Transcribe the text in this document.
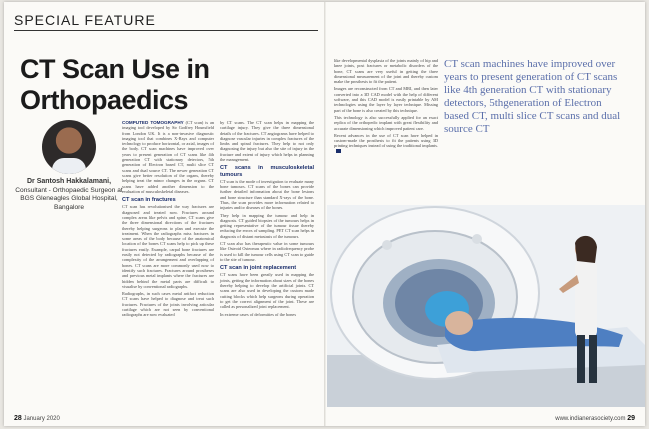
SPECIAL FEATURE
CT Scan Use in Orthopaedics
Dr Santosh Hakkalamani,
Consultant - Orthopaedic Surgeon at BGS Gleneagles Global Hospital, Bangalore

COMPUTED TOMOGRAPHY (CT scan) is an imaging tool developed by Sir Godfrey Hounsfield from London UK. It is a non-invasive diagnostic imaging tool that combines X-Rays and computer technology to produce horizontal, or axial, images of the body. CT scan machines have improved over years to present generation of CT scans like 4th generation CT with stationary detectors, 5th generation of Electron based CT, multi slice CT scans and dual source CT. The newer generation CT scans give better resolution of the organs, thereby helping treat the minor changes in the organs. CT scans have added another dimension to the evaluation of musculoskeletal diseases.

CT scan in fractures

CT scan has revolutionised the way fractures are diagnosed and treated now. Fractures around complex areas like pelvis and spine, CT scans give the three dimensional directions of the fractures thereby helping surgeons to plan and execute the treatment. When the radiographs miss fractures in some areas of the body because of the anatomical location of the bones CT scans help to pick up these fractures easily. Example, carpal bone fractures are easily not detected by radiographs because of the complexity of the arrangement and overlapping of bones. CT scans are more commonly used now to identify such fractures. Fractures around prostheses and previous metal implants where the fractures are hidden behind the metal parts are difficult to visualise by conventional radiographs.

Radiographs, in such cases metal artifact reduction CT scans have helped to diagnose and treat such fractures. Fractures of the joints involving articular cartilage which are not seen by conventional radiographs are now evaluated

by CT scans. The CT scan helps in mapping the cartilage injury. They give the three dimensional details of the fractures. CT angiograms have helped to diagnose vascular injuries in complex fractures of the limbs and spinal fractures. They help to not only diagnosing the injury but also the site of injury in the fracture and extent of injury which helps in planning the management.

CT scans in musculoskeletal tumours

CT scan is the mode of investigation to evaluate many bone tumours. CT scans of the bones can provide further detailed information about the bone lesions and bone structure than standard X-rays of the bone. Thus, the scan provides more information related to injuries and/or diseases of the bones.

They help in mapping the tumour and help in diagnosis. CT guided biopsies of the tumours helps in getting representative of the tumour tissue thereby reducing the errors of sampling. PET CT scan helps in diagnosis of distant metastasis of the tumours.

CT scan also has therapeutic value in some tumours like Osteoid Osteomas where in radiofrequency probe is used to kill the tumour cells using CT scan to guide to the site of tumour.

CT scan in joint replacement

CT scans have been greatly used in mapping the joints, getting the information about sizes of the bones thereby helping to develop the artificial joints. CT scans are also used in developing the custom made cutting blocks which help surgeons during operation to get the correct alignment of the joint. These are called as personalized joint replacement.

In extreme cases of deformities of the bones

like developmental dysplasia of the joints mainly of hip and knee joints, post fractures or metabolic disorders of the bone, CT scans are very useful in getting the three dimensional measurement of the joint and thereby custom make the prosthesis to fit the patient.

Images are reconstructed from CT and MRI, and then later converted into a 3D CAD model with the help of different software, and this CAD model is easily printable by AM technologies using the layer by layer technique. Missing part of the bone is also created by this technique.

This technology is also successfully applied for an exact replica of the orthopedic implant with great flexibility and accurate dimensioning which improved patient care.

Recent advances in the use of CT scan have helped in custom-made the prosthesis to fit the patients using 3D printing techniques instead of using the traditional implants.

CT scan machines have improved over years to present generation of CT scans like 4th generation CT with stationary detectors, 5thgeneration of Electron based CT, multi slice CT scans and dual source CT
28 January 2020	www.indianerasociety.com 29
